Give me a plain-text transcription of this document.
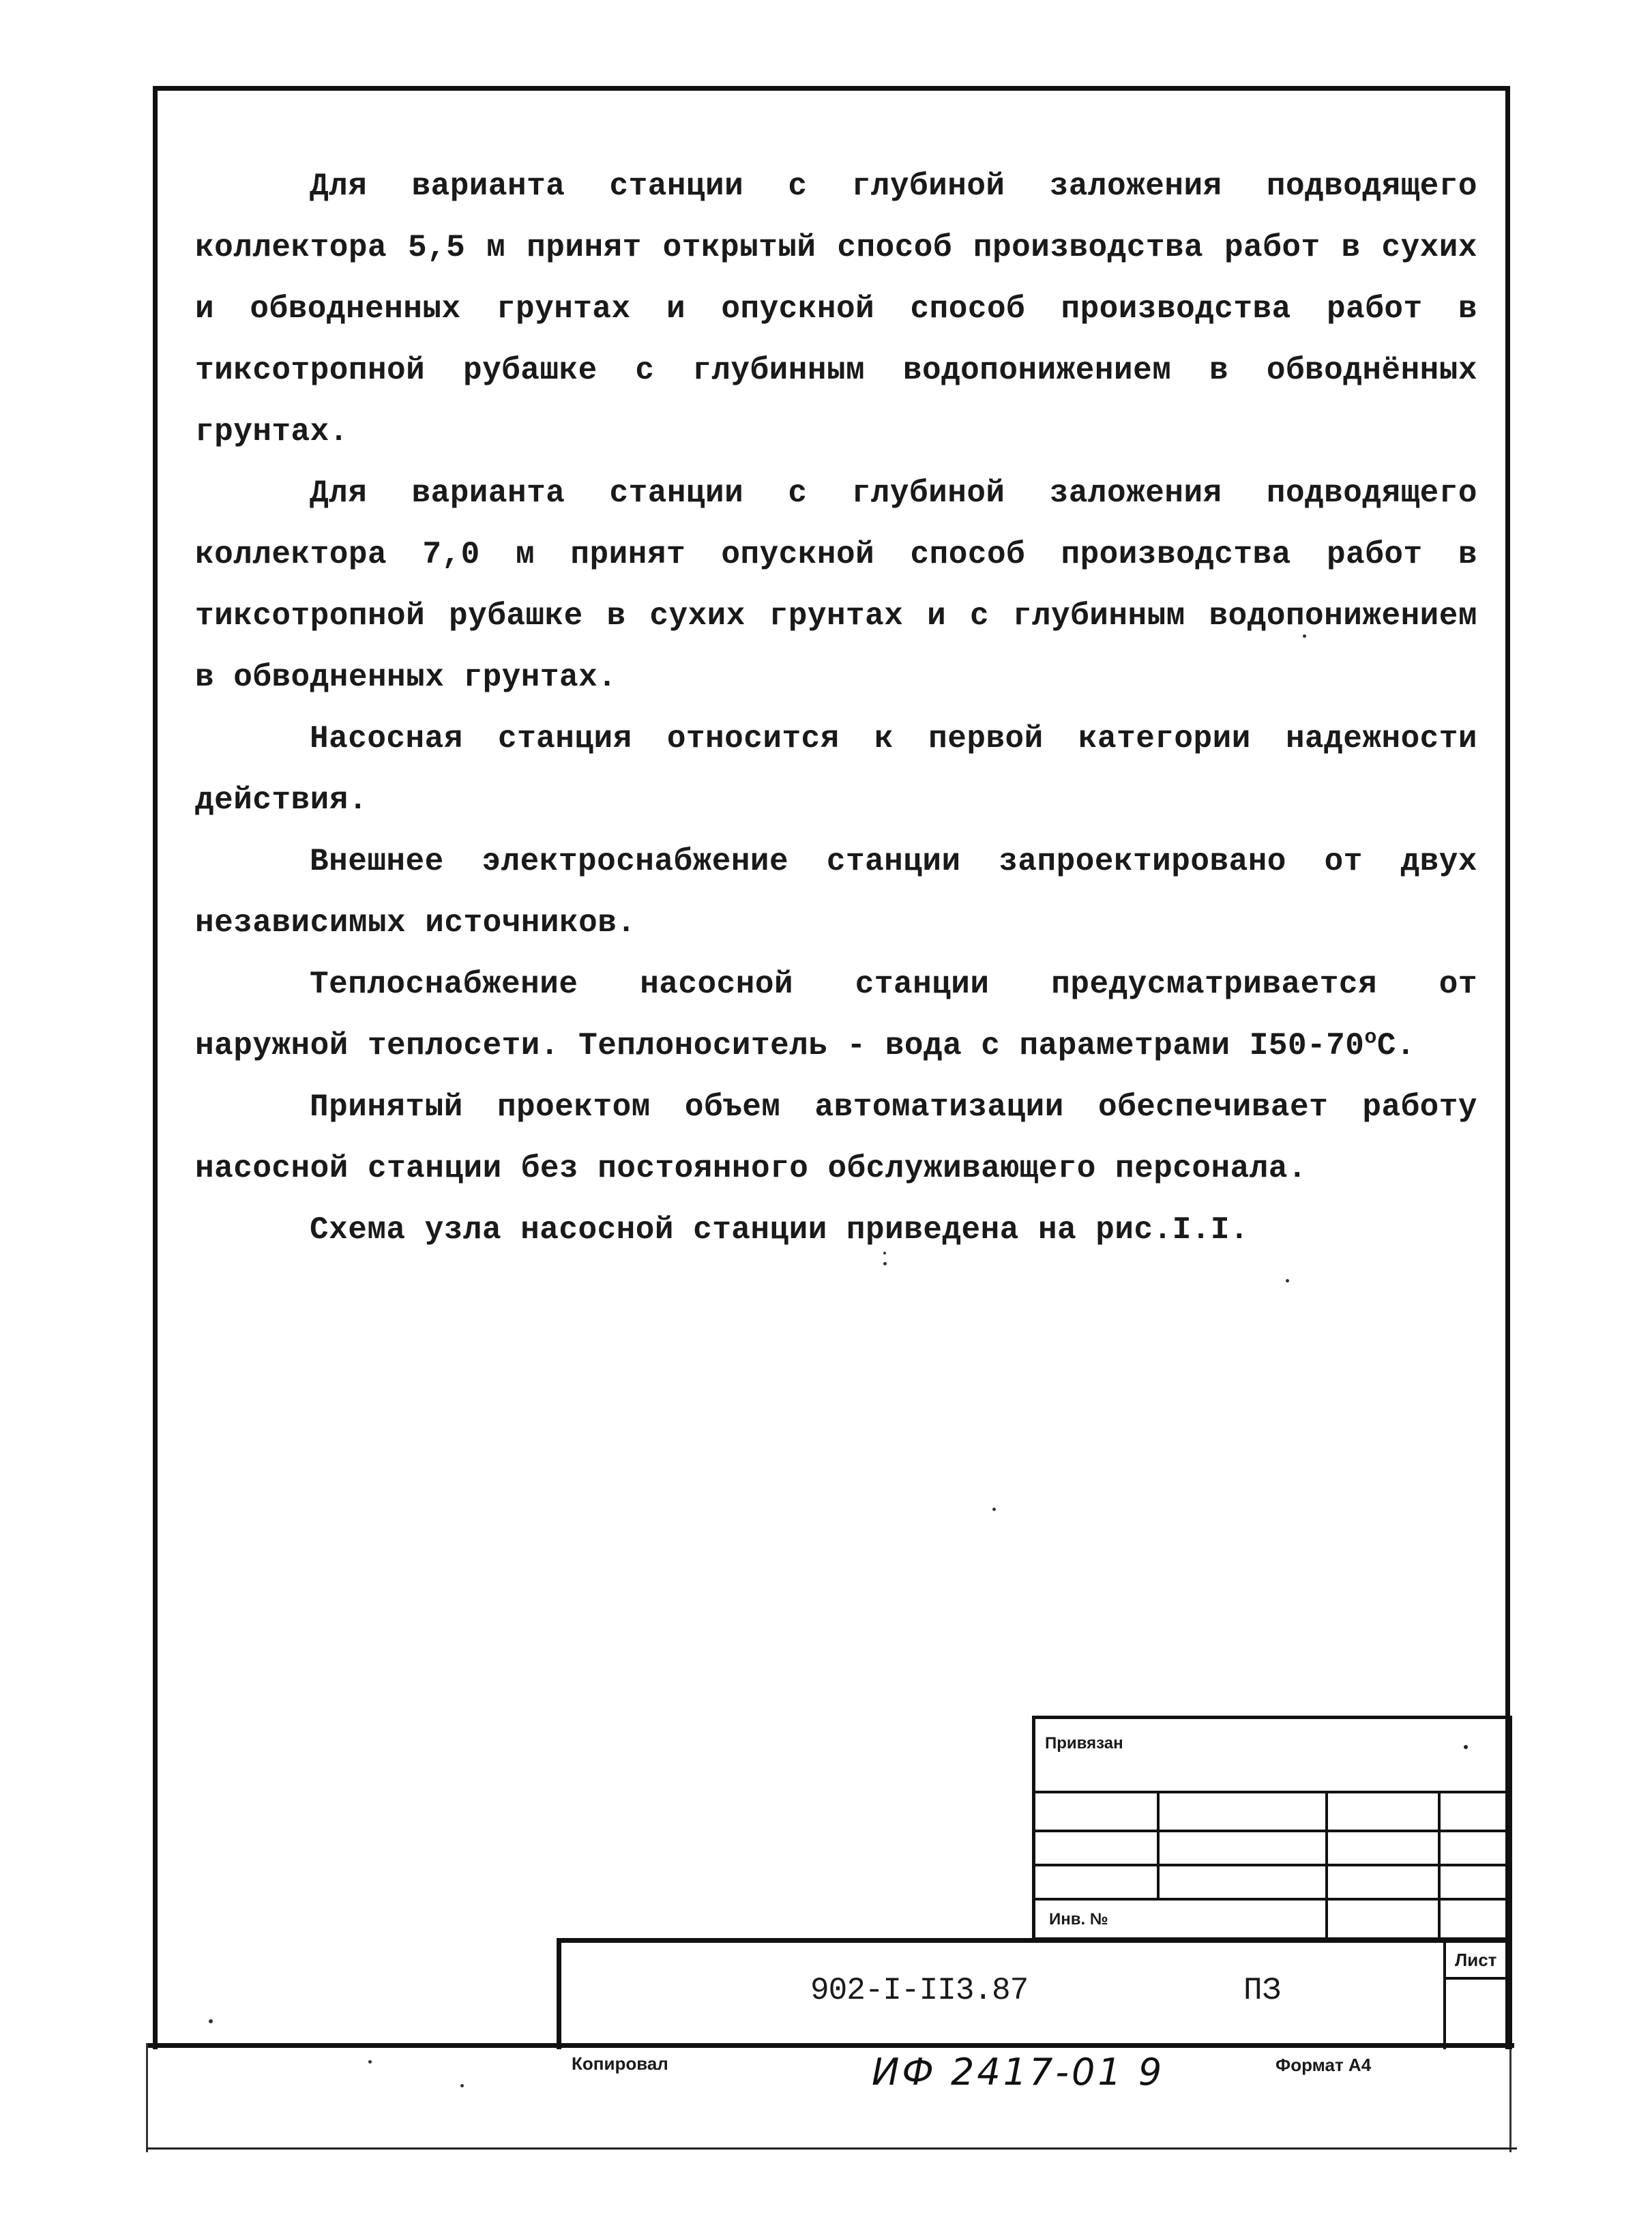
Для варианта станции с глубиной заложения подводящего коллектора 5,5 м принят открытый способ производства работ в сухих и обводненных грунтах и опускной способ производства работ в тиксотропной рубашке с глубинным водопонижением в обводнённых грунтах.

Для варианта станции с глубиной заложения подводящего коллектора 7,0 м принят опускной способ производства работ в тиксотропной рубашке в сухих грунтах и с глубинным водопонижением в обводненных грунтах.

Насосная станция относится к первой категории надежности действия.

Внешнее электроснабжение станции запроектировано от двух независимых источников.

Теплоснабжение насосной станции предусматривается от наружной теплосети. Теплоноситель - вода с параметрами I50-70$^o$C.

Принятый проектом объем автоматизации обеспечивает работу насосной станции без постоянного обслуживающего персонала.

Схема узла насосной станции приведена на рис.I.I.

Привязан
Инв. №
902-I-II3.87	ПЗ
Лист
Копировал	ИФ 2417-01 9	Формат А4
